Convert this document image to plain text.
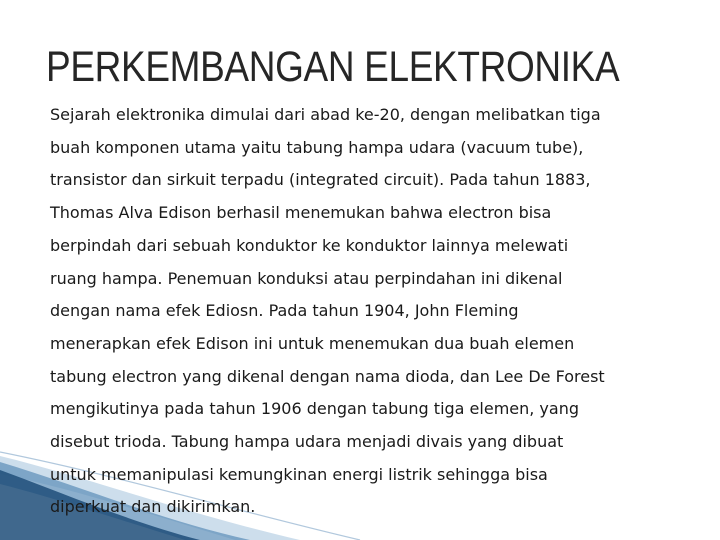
PERKEMBANGAN ELEKTRONIKA
Sejarah elektronika dimulai dari abad ke-20, dengan melibatkan tiga
buah komponen utama yaitu tabung hampa udara (vacuum tube),
transistor dan sirkuit terpadu (integrated circuit). Pada tahun 1883,
Thomas Alva Edison berhasil menemukan bahwa electron bisa
berpindah dari sebuah konduktor ke konduktor lainnya melewati
ruang hampa. Penemuan konduksi atau perpindahan ini dikenal
dengan nama efek Ediosn. Pada tahun 1904, John Fleming
menerapkan efek Edison ini untuk menemukan dua buah elemen
tabung electron yang dikenal dengan nama dioda, dan Lee De Forest
mengikutinya pada tahun 1906 dengan tabung tiga elemen, yang
disebut trioda. Tabung hampa udara menjadi divais yang dibuat
untuk memanipulasi kemungkinan energi listrik sehingga bisa
diperkuat dan dikirimkan.
